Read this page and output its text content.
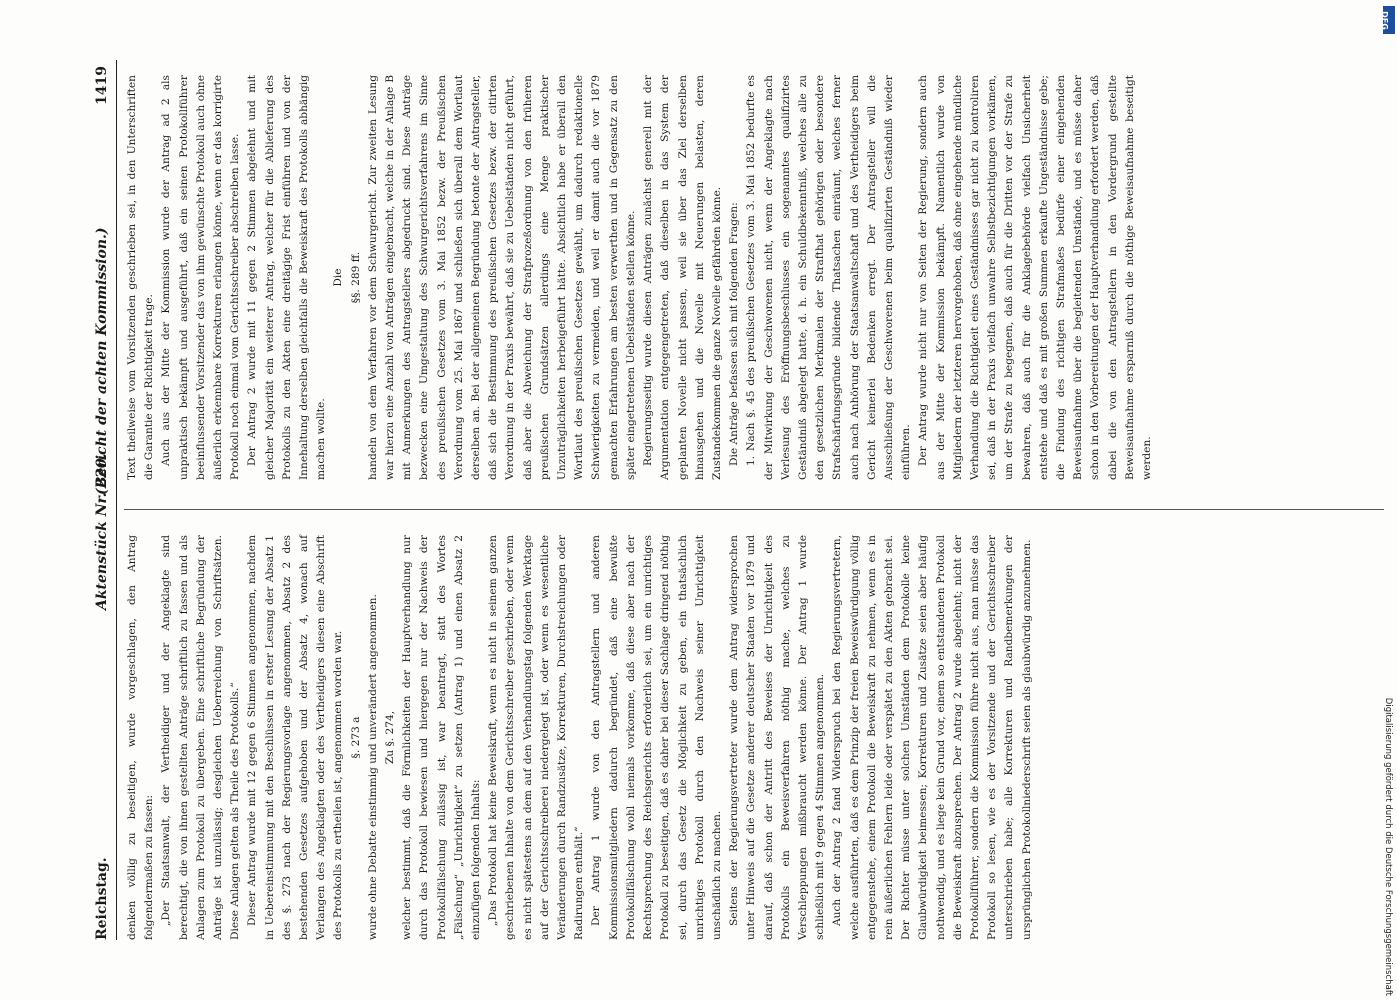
Reichstag.
Aktenstück Nr. 220.
(Bericht der achten Kommission.)
1419

denken völlig zu beseitigen, wurde vorgeschlagen, den Antrag folgendermaßen zu fassen: „Der Staatsanwalt, der Vertheidiger und der Angeklagte sind berechtigt, die von ihnen gestellten Anträge schriftlich zu fassen und als Anlagen zum Protokoll zu übergeben. Eine schriftliche Begründung der Anträge ist unzulässig; desgleichen Ueberreichung von Schriftsätzen. Diese Anlagen gelten als Theile des Protokolls.“ Dieser Antrag wurde mit 12 gegen 6 Stimmen angenommen, nachdem in Uebereinstimmung mit den Beschlüssen in erster Lesung der Absatz 1 des §. 273 nach der Regierungsvorlage angenommen, Absatz 2 des bestehenden Gesetzes aufgehoben und der Absatz 4, wonach auf Verlangen des Angeklagten oder des Vertheidigers diesen eine Abschrift des Protokolls zu ertheilen ist, angenommen worden war. §. 273 a wurde ohne Debatte einstimmig und unverändert angenommen. Zu §. 274, welcher bestimmt, daß die Förmlichkeiten der Hauptverhandlung nur durch das Protokoll bewiesen und hiergegen nur der Nachweis der Protokollfälschung zulässig ist, war beantragt, statt des Wortes „Fälschung“ „Unrichtigkeit“ zu setzen (Antrag 1) und einen Absatz 2 einzufügen folgenden Inhalts: „Das Protokoll hat keine Beweiskraft, wenn es nicht in seinem ganzen geschriebenen Inhalte von dem Gerichtsschreiber geschrieben, oder wenn es nicht spätestens an dem auf den Verhandlungstag folgenden Werktage auf der Gerichtsschreiberei niedergelegt ist, oder wenn es wesentliche Veränderungen durch Randzusätze, Korrekturen, Durchstreichungen oder Radirungen enthält.“ Der Antrag 1 wurde von den Antragstellern und anderen Kommissionsmitgliedern dadurch begründet, daß eine bewußte Protokollfälschung wohl niemals vorkomme, daß diese aber nach der Rechtsprechung des Reichsgerichts erforderlich sei, um ein unrichtiges Protokoll zu beseitigen, daß es daher bei dieser Sachlage dringend nöthig sei, durch das Gesetz die Möglichkeit zu geben, ein thatsächlich unrichtiges Protokoll durch den Nachweis seiner Unrichtigkeit unschädlich zu machen. Seitens der Regierungsvertreter wurde dem Antrag widersprochen unter Hinweis auf die Gesetze anderer deutscher Staaten vor 1879 und darauf, daß schon der Antritt des Beweises der Unrichtigkeit des Protokolls ein Beweisverfahren nöthig mache, welches zu Verschleppungen mißbraucht werden könne. Der Antrag 1 wurde schließlich mit 9 gegen 4 Stimmen angenommen. Auch der Antrag 2 fand Widerspruch bei den Regierungsvertretern, welche ausführten, daß es dem Prinzip der freien Beweiswürdigung völlig entgegenstehe, einem Protokoll die Beweiskraft zu nehmen, wenn es in rein äußerlichen Fehlern leide oder verspätet zu den Akten gebracht sei. Der Richter müsse unter solchen Umständen dem Protokolle keine Glaubwürdigkeit beimessen; Korrekturen und Zusätze seien aber häufig nothwendig, und es liege kein Grund vor, einem so entstandenen Protokoll die Beweiskraft abzusprechen. Der Antrag 2 wurde abgelehnt; nicht der Protokollführer, sondern die Kommission führe nicht aus, man müsse das Protokoll so lesen, wie es der Vorsitzende und der Gerichtsschreiber unterschrieben habe; alle Korrekturen und Randbemerkungen der ursprünglichen Protokollniederschrift seien als glaubwürdig anzunehmen.

Text theilweise vom Vorsitzenden geschrieben sei, in den Unterschriften die Garantie der Richtigkeit trage. Auch aus der Mitte der Kommission wurde der Antrag ad 2 als unpraktisch bekämpft und ausgeführt, daß ein seinen Protokollführer beeinflussender Vorsitzender das von ihm gewünschte Protokoll auch ohne äußerlich erkennbare Korrekturen erlangen könne, wenn er das korrigirte Protokoll noch einmal vom Gerichtsschreiber abschreiben lasse. Der Antrag 2 wurde mit 11 gegen 2 Stimmen abgelehnt und mit gleicher Majorität ein weiterer Antrag, welcher für die Ablieferung des Protokolls zu den Akten eine dreitägige Frist einführen und von der Innehaltung derselben gleichfalls die Beweiskraft des Protokolls abhängig machen wollte.

Die §§. 289 ff. handeln von dem Verfahren vor dem Schwurgericht. Zur zweiten Lesung war hierzu eine Anzahl von Anträgen eingebracht, welche in der Anlage B mit Anmerkungen des Antragstellers abgedruckt sind. Diese Anträge bezwecken eine Umgestaltung des Schwurgerichtsverfahrens im Sinne des preußischen Gesetzes vom 3. Mai 1852 bezw. der Preußischen Verordnung vom 25. Mai 1867 und schließen sich überall dem Wortlaut derselben an. Bei der allgemeinen Begründung betonte der Antragsteller, daß sich die Bestimmung des preußischen Gesetzes bezw. der citirten Verordnung in der Praxis bewährt, daß sie zu Uebelständen nicht geführt, daß aber die Abweichung der Strafprozeßordnung von den früheren preußischen Grundsätzen allerdings eine Menge praktischer Unzuträglichkeiten herbeigeführt hätte. Absichtlich habe er überall den Wortlaut des preußischen Gesetzes gewählt, um dadurch redaktionelle Schwierigkeiten zu vermeiden, und weil er damit auch die vor 1879 gemachten Erfahrungen am besten verwerthen und in Gegensatz zu den später eingetretenen Uebelständen stellen könne. Regierungsseitig wurde diesen Anträgen zunächst generell mit der Argumentation entgegengetreten, daß dieselben in das System der geplanten Novelle nicht passen, weil sie über das Ziel derselben hinausgehen und die Novelle mit Neuerungen belasten, deren Zustandekommen die ganze Novelle gefährden könne. Die Anträge befassen sich mit folgenden Fragen: 1. Nach §. 45 des preußischen Gesetzes vom 3. Mai 1852 bedurfte es der Mitwirkung der Geschworenen nicht, wenn der Angeklagte nach Verlesung des Eröffnungsbeschlusses ein sogenanntes qualifizirtes Geständniß abgelegt hatte, d. h. ein Schuldbekenntniß, welches alle zu den gesetzlichen Merkmalen der Strafthat gehörigen oder besondere Strafschärfungsgründe bildende Thatsachen einräumt, welches ferner auch nach Anhörung der Staatsanwaltschaft und des Vertheidigers beim Gericht keinerlei Bedenken erregt. Der Antragsteller will die Ausschließung der Geschworenen beim qualifizirten Geständniß wieder einführen. Der Antrag wurde nicht nur von Seiten der Regierung, sondern auch aus der Mitte der Kommission bekämpft. Namentlich wurde von Mitgliedern der letzteren hervorgehoben, daß ohne eingehende mündliche Verhandlung die Richtigkeit eines Geständnisses gar nicht zu kontroliren sei, daß in der Praxis vielfach unwahre Selbstbezichtigungen vorkämen, um der Strafe zu begegnen, daß auch für die Dritten vor der Strafe zu bewahren, daß auch für die Anklagebehörde vielfach Unsicherheit entstehe und daß es mit großen Summen erkaufte Ungeständnisse gebe; die Findung des richtigen Strafmaßes bedürfe einer eingehenden Beweisaufnahme über die begleitenden Umstände, und es müsse daher schon in den Vorbereitungen der Hauptverhandlung erfordert werden, daß dabei die von den Antragstellern in den Vordergrund gestellte Beweisaufnahme ersparniß durch die nöthige Beweisaufnahme beseitigt werden.

Digitalisierung gefördert durch die Deutsche Forschungsgemeinschaft
DFG
